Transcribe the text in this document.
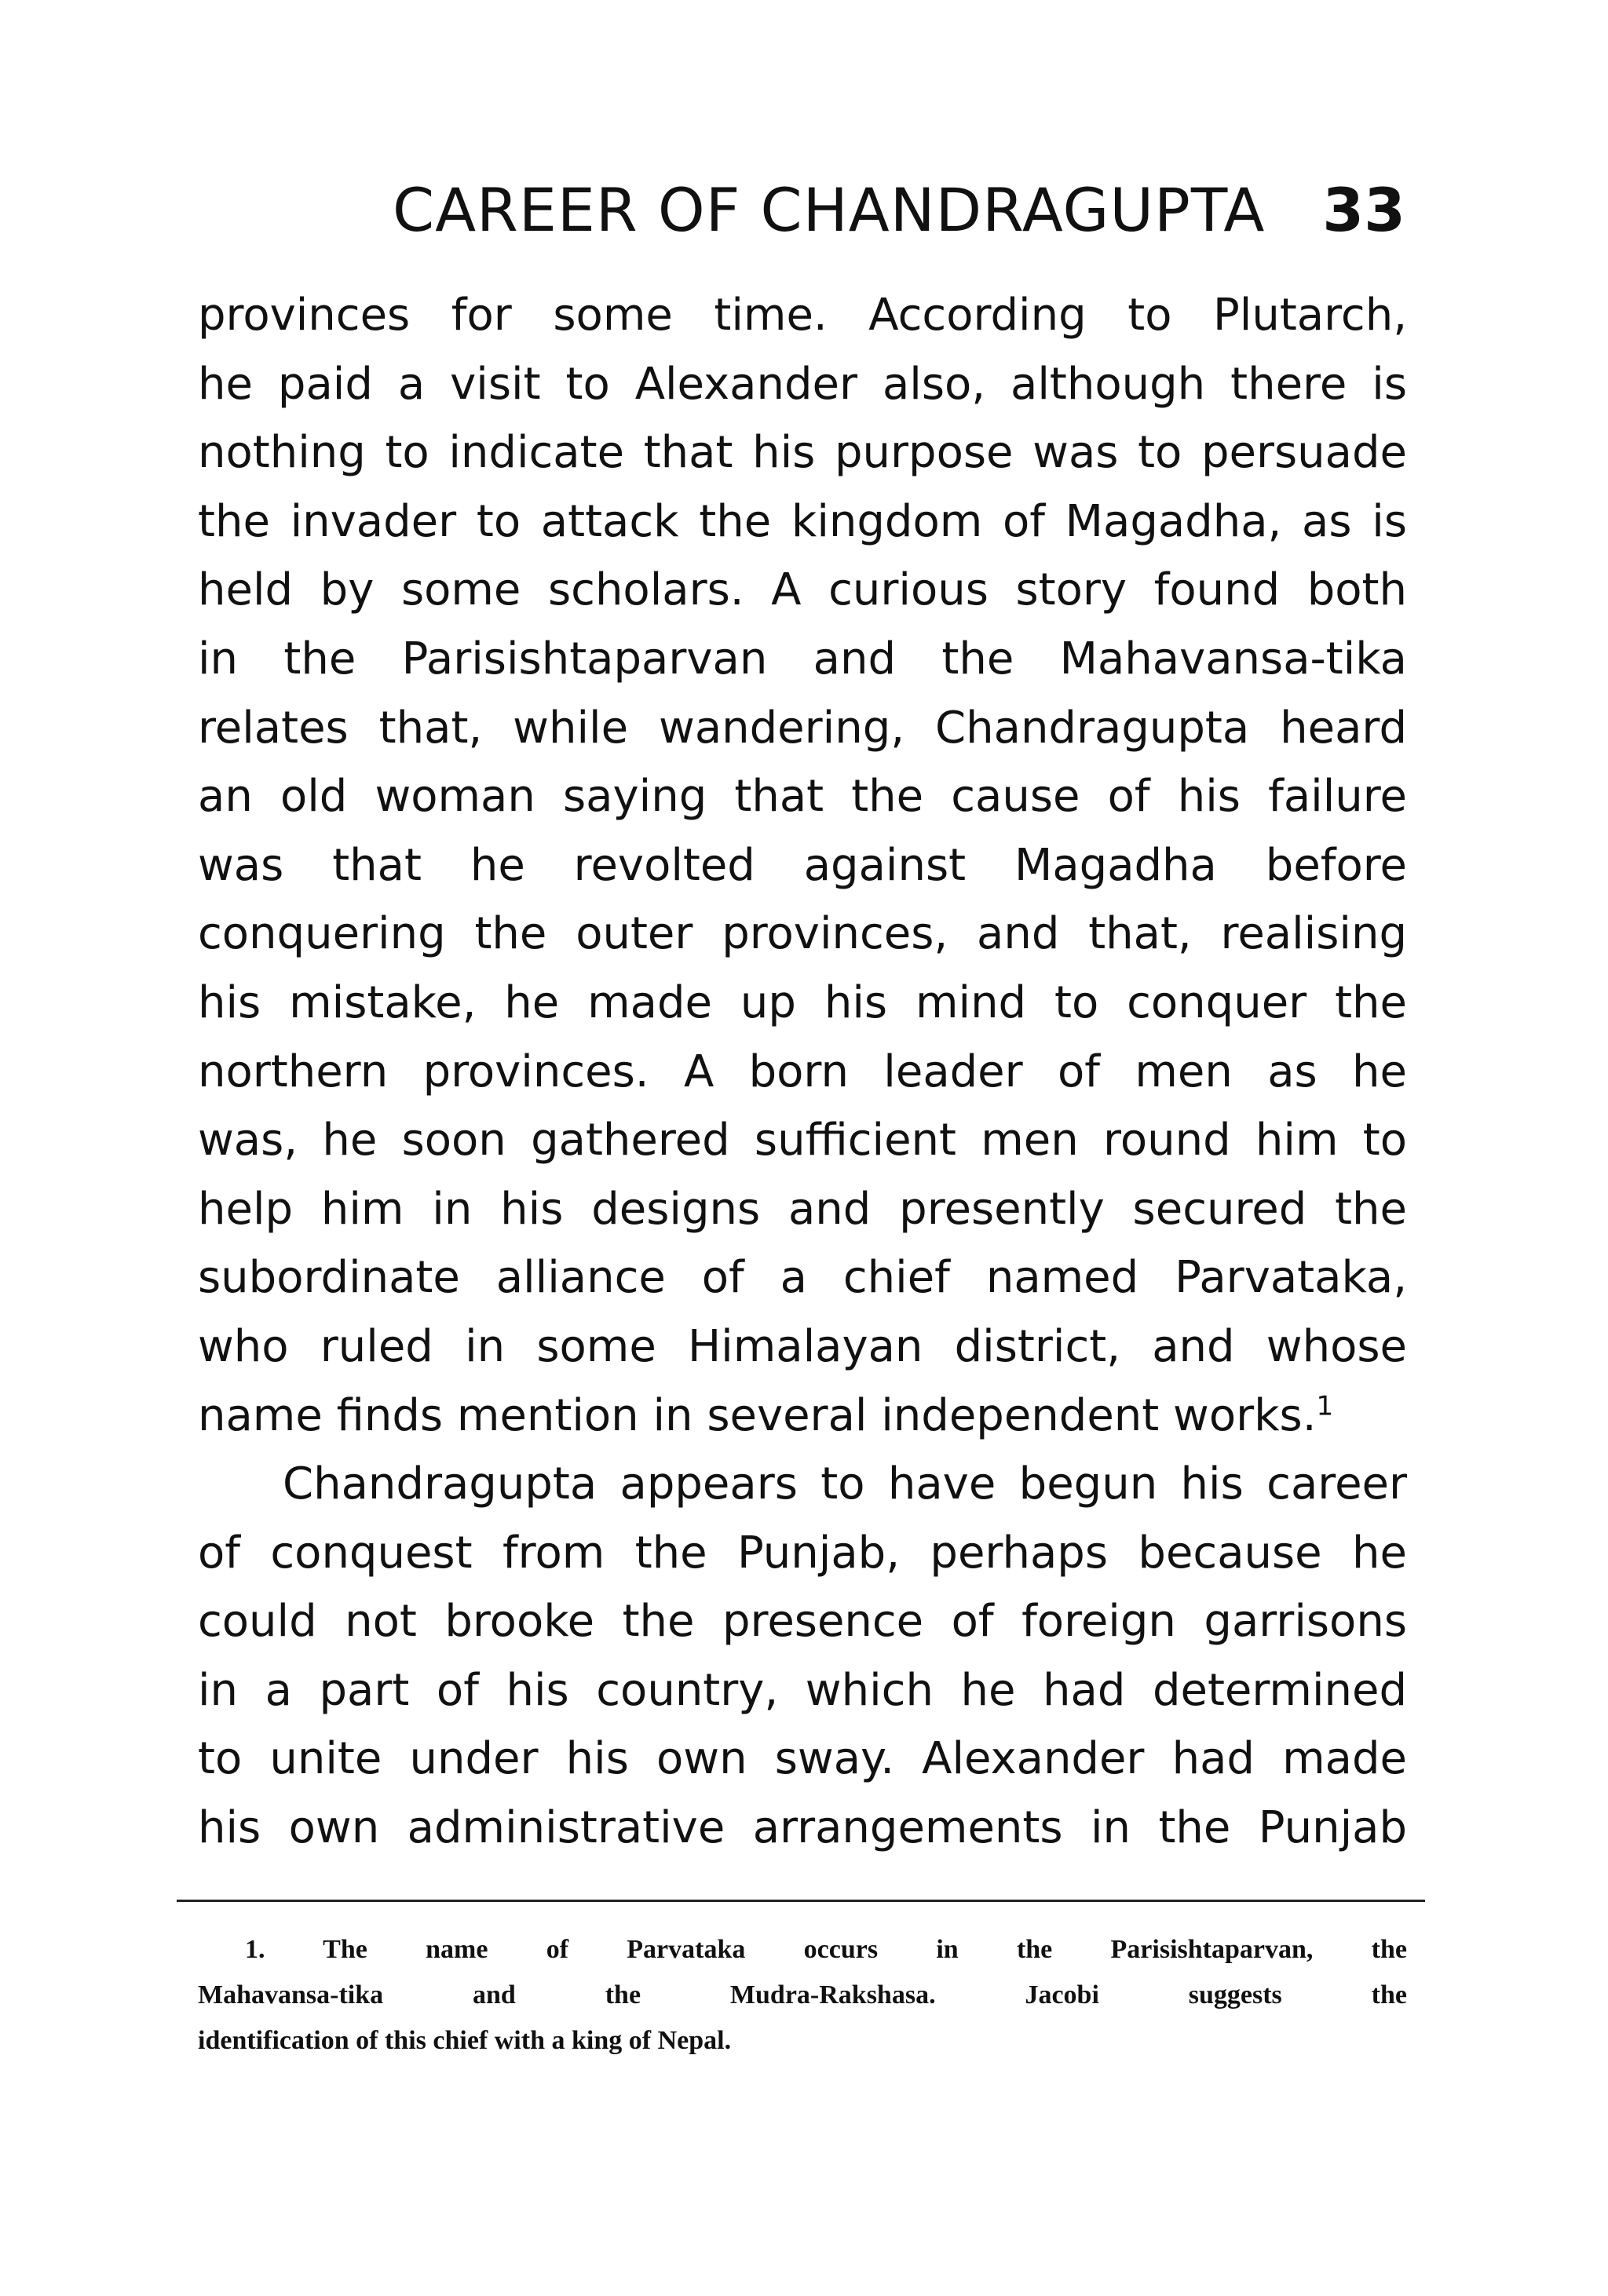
CAREER OF CHANDRAGUPTA 33
provinces for some time. According to Plutarch,
he paid a visit to Alexander also, although there is
nothing to indicate that his purpose was to persuade
the invader to attack the kingdom of Magadha, as is
held by some scholars. A curious story found both
in the Parisishtaparvan and the Mahavansa-tika
relates that, while wandering, Chandragupta heard
an old woman saying that the cause of his failure
was that he revolted against Magadha before
conquering the outer provinces, and that, realising
his mistake, he made up his mind to conquer the
northern provinces. A born leader of men as he
was, he soon gathered sufficient men round him to
help him in his designs and presently secured the
subordinate alliance of a chief named Parvataka,
who ruled in some Himalayan district, and whose
name finds mention in several independent works.$^1$
Chandragupta appears to have begun his career
of conquest from the Punjab, perhaps because he
could not brooke the presence of foreign garrisons
in a part of his country, which he had determined
to unite under his own sway. Alexander had made
his own administrative arrangements in the Punjab
1. The name of Parvataka occurs in the Parisishtaparvan, the
Mahavansa-tika and the Mudra-Rakshasa. Jacobi suggests the
identification of this chief with a king of Nepal.
